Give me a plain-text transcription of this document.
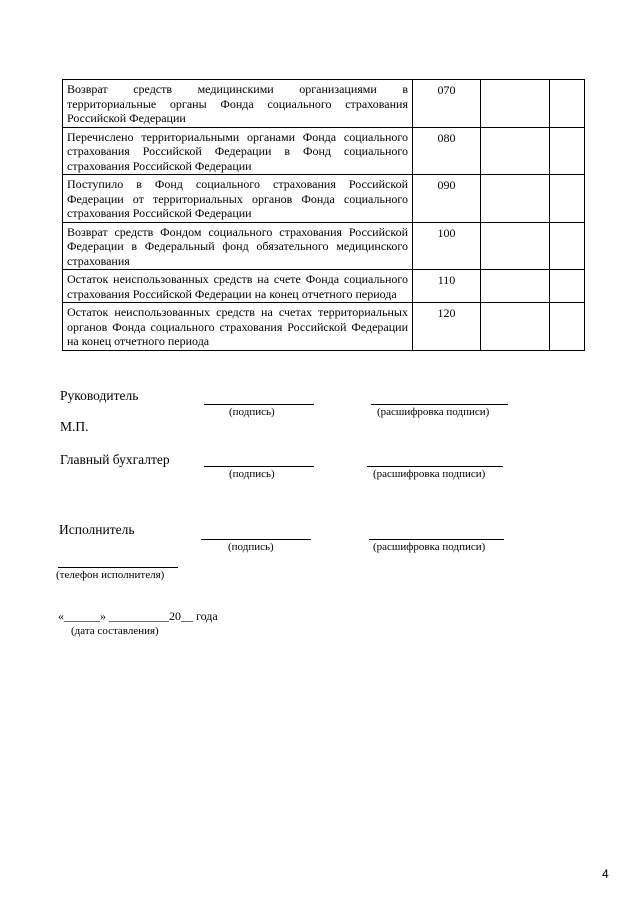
Возврат средств медицинскими организациями в территориальные органы Фонда социального страхования Российской Федерации	070		
Перечислено территориальными органами Фонда социального страхования Российской Федерации в Фонд социального страхования Российской Федерации	080		
Поступило в Фонд социального страхования Российской Федерации от территориальных органов Фонда социального страхования Российской Федерации	090		
Возврат средств Фондом социального страхования Российской Федерации в Федеральный фонд обязательного медицинского страхования	100		
Остаток неиспользованных средств на счете Фонда социального страхования Российской Федерации на конец отчетного периода	110		
Остаток неиспользованных средств на счетах территориальных органов Фонда социального страхования Российской Федерации на конец отчетного периода	120		
Руководитель
(подпись)	(расшифровка подписи)
М.П.
Главный бухгалтер
(подпись)	(расшифровка подписи)
Исполнитель
(подпись)	(расшифровка подписи)
(телефон исполнителя)
«______» __________20__ года
(дата составления)
4
